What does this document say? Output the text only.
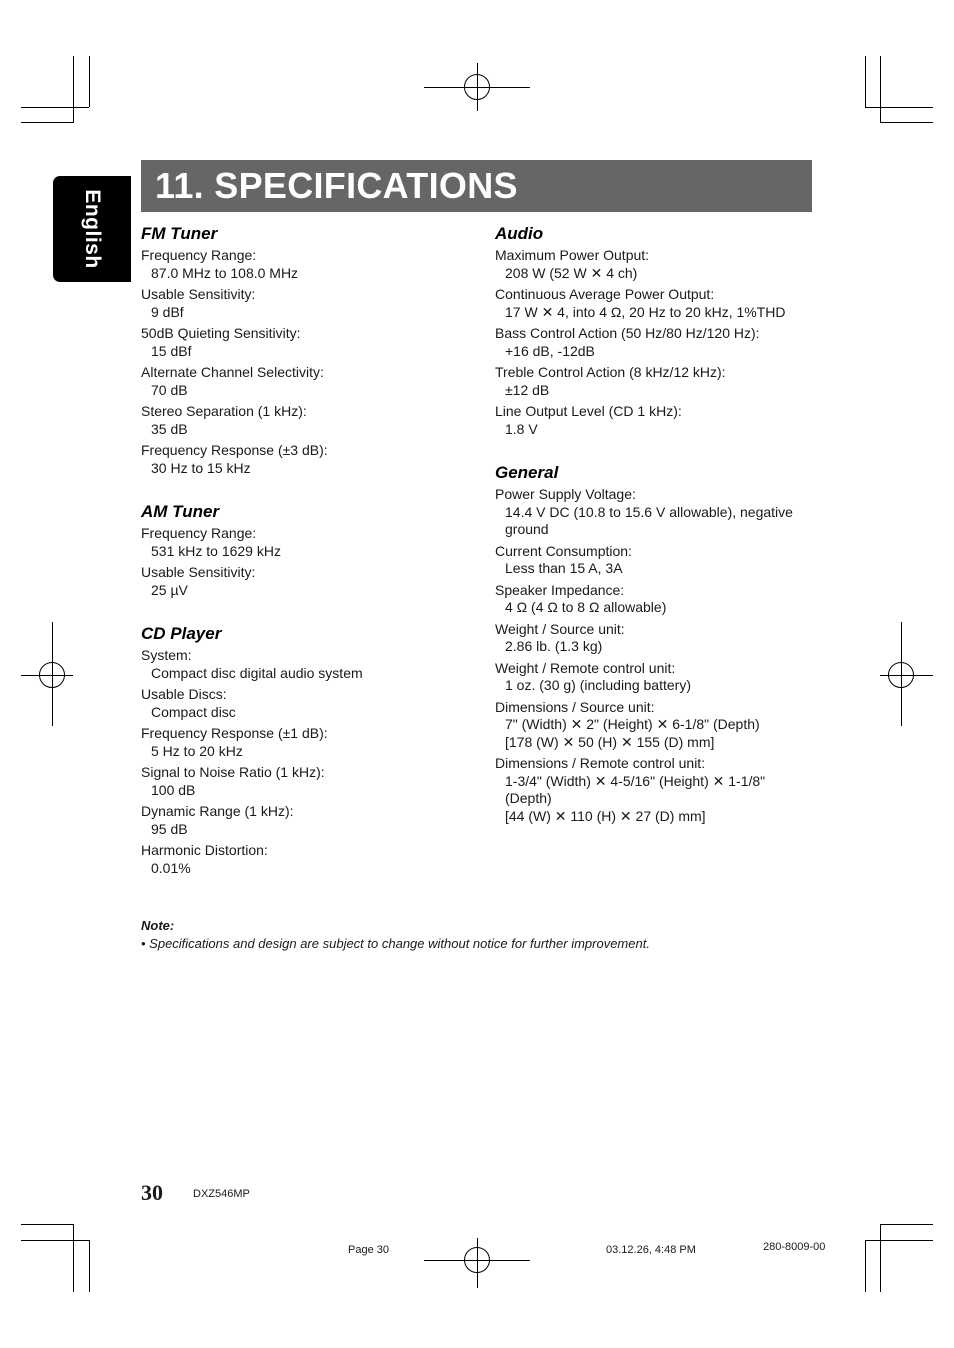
English
11. SPECIFICATIONS
FM Tuner
Frequency Range:
87.0 MHz to 108.0 MHz
Usable Sensitivity:
9 dBf
50dB Quieting Sensitivity:
15 dBf
Alternate Channel Selectivity:
70 dB
Stereo Separation (1 kHz):
35 dB
Frequency Response (±3 dB):
30 Hz to 15 kHz
AM Tuner
Frequency Range:
531 kHz to 1629 kHz
Usable Sensitivity:
25 µV
CD Player
System:
Compact disc digital audio system
Usable Discs:
Compact disc
Frequency Response (±1 dB):
5 Hz to 20 kHz
Signal to Noise Ratio (1 kHz):
100 dB
Dynamic Range (1 kHz):
95 dB
Harmonic Distortion:
0.01%
Audio
Maximum Power Output:
208 W (52 W ✕ 4 ch)
Continuous Average Power Output:
17 W ✕ 4, into 4 Ω, 20 Hz to 20 kHz, 1%THD
Bass Control Action (50 Hz/80 Hz/120 Hz):
+16 dB, -12dB
Treble Control Action (8 kHz/12 kHz):
±12 dB
Line Output Level (CD 1 kHz):
1.8 V
General
Power Supply Voltage:
14.4 V DC (10.8 to 15.6 V allowable), negative ground
Current Consumption:
Less than 15 A, 3A
Speaker Impedance:
4 Ω (4 Ω to 8 Ω allowable)
Weight / Source unit:
2.86 lb. (1.3 kg)
Weight / Remote control unit:
1 oz. (30 g) (including battery)
Dimensions / Source unit:
7" (Width) ✕ 2" (Height) ✕ 6-1/8" (Depth)
[178 (W) ✕ 50 (H) ✕ 155 (D) mm]
Dimensions / Remote control unit:
1-3/4" (Width) ✕ 4-5/16" (Height) ✕ 1-1/8" (Depth)
[44 (W) ✕ 110 (H) ✕ 27 (D) mm]
Note:
• Specifications and design are subject to change without notice for further improvement.
30	DXZ546MP
Page 30	03.12.26, 4:48 PM	280-8009-00
